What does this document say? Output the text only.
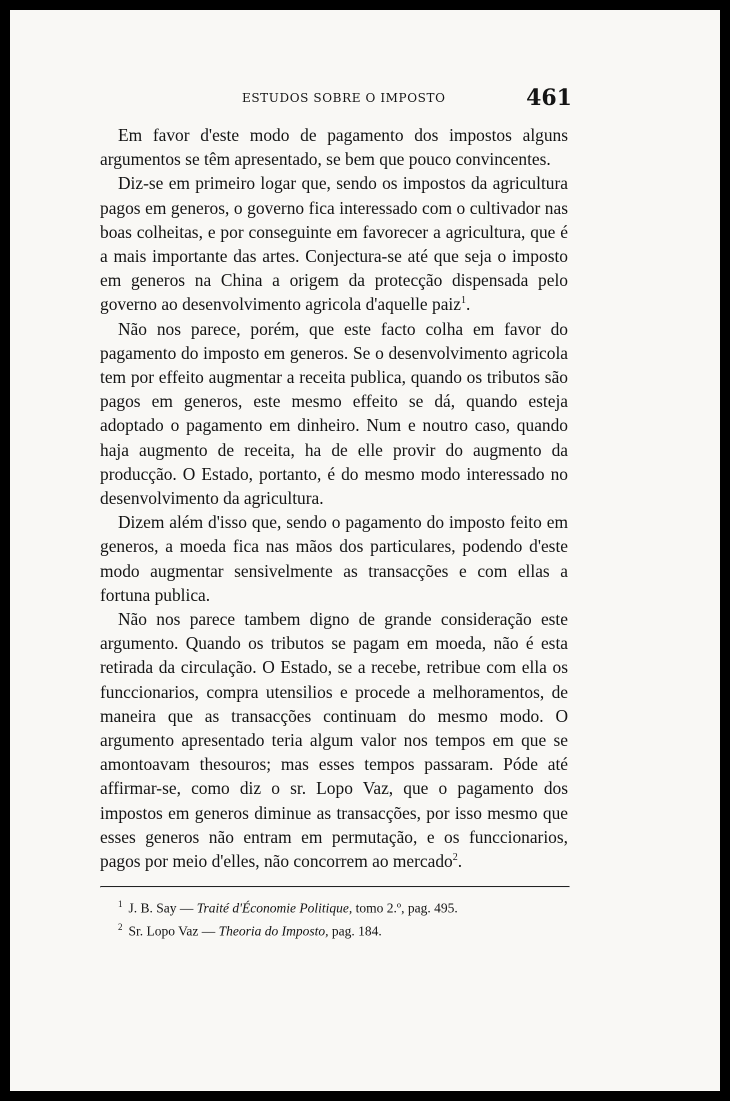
ESTUDOS SOBRE O IMPOSTO	461

Em favor d'este modo de pagamento dos impostos alguns argumentos se têm apresentado, se bem que pouco convincentes.

Diz-se em primeiro logar que, sendo os impostos da agricultura pagos em generos, o governo fica interessado com o cultivador nas boas colheitas, e por conseguinte em favorecer a agricultura, que é a mais importante das artes. Conjectura-se até que seja o imposto em generos na China a origem da protecção dispensada pelo governo ao desenvolvimento agricola d'aquelle paiz$^1$.

Não nos parece, porém, que este facto colha em favor do pagamento do imposto em generos. Se o desenvolvimento agricola tem por effeito augmentar a receita publica, quando os tributos são pagos em generos, este mesmo effeito se dá, quando esteja adoptado o pagamento em dinheiro. Num e noutro caso, quando haja augmento de receita, ha de elle provir do augmento da producção. O Estado, portanto, é do mesmo modo interessado no desenvolvimento da agricultura.

Dizem além d'isso que, sendo o pagamento do imposto feito em generos, a moeda fica nas mãos dos particulares, podendo d'este modo augmentar sensivelmente as transacções e com ellas a fortuna publica.

Não nos parece tambem digno de grande consideração este argumento. Quando os tributos se pagam em moeda, não é esta retirada da circulação. O Estado, se a recebe, retribue com ella os funccionarios, compra utensilios e procede a melhoramentos, de maneira que as transacções continuam do mesmo modo. O argumento apresentado teria algum valor nos tempos em que se amontoavam thesouros; mas esses tempos passaram. Póde até affirmar-se, como diz o sr. Lopo Vaz, que o pagamento dos impostos em generos diminue as transacções, por isso mesmo que esses generos não entram em permutação, e os funccionarios, pagos por meio d'elles, não concorrem ao mercado$^2$.

$^1$ J. B. Say — Traité d'Économie Politique, tomo 2.º, pag. 495.
$^2$ Sr. Lopo Vaz — Theoria do Imposto, pag. 184.
